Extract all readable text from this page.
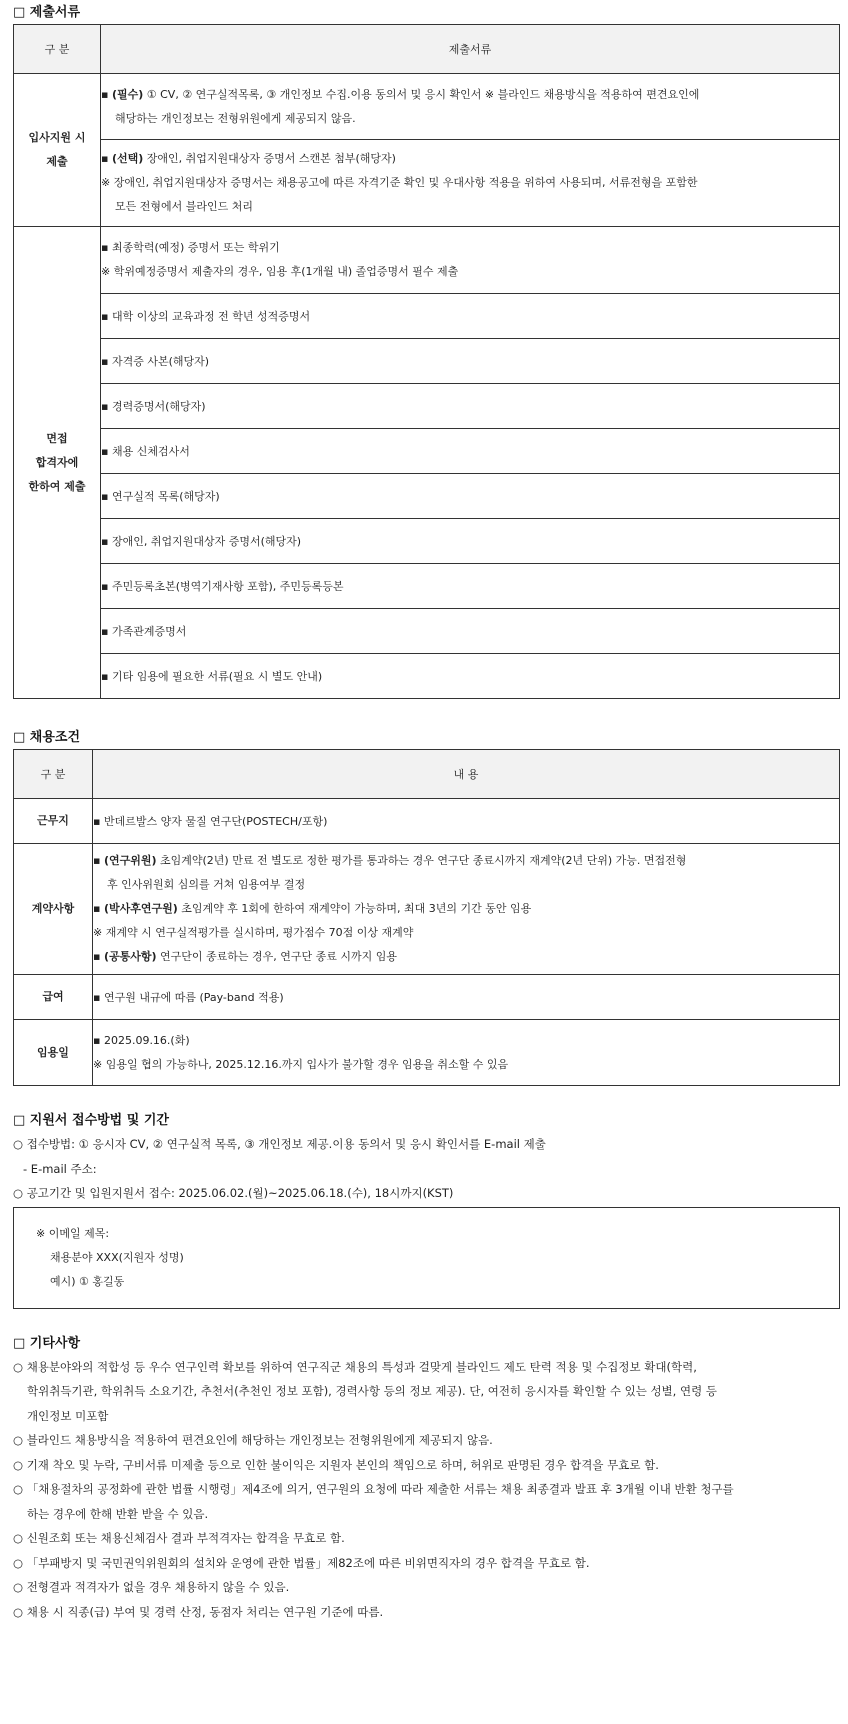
□ 제출서류
구 분	제출서류

입사지원 시
제출	▪ (필수) ① CV, ② 연구실적목록, ③ 개인정보 수집.이용 동의서 및 응시 확인서 ※ 블라인드 채용방식을 적용하여 편견요인에
해당하는 개인정보는 전형위원에게 제공되지 않음.

	▪ (선택) 장애인, 취업지원대상자 증명서 스캔본 첨부(해당자)
※ 장애인, 취업지원대상자 증명서는 채용공고에 따른 자격기준 확인 및 우대사항 적용을 위하여 사용되며, 서류전형을 포함한
모든 전형에서 블라인드 처리

면접
합격자에
한하여 제출	▪ 최종학력(예정) 증명서 또는 학위기
※ 학위예정증명서 제출자의 경우, 임용 후(1개월 내) 졸업증명서 필수 제출

	▪ 대학 이상의 교육과정 전 학년 성적증명서
	▪ 자격증 사본(해당자)
	▪ 경력증명서(해당자)
	▪ 채용 신체검사서
	▪ 연구실적 목록(해당자)
	▪ 장애인, 취업지원대상자 증명서(해당자)
	▪ 주민등록초본(병역기재사항 포함), 주민등록등본
	▪ 가족관계증명서
	▪ 기타 임용에 필요한 서류(필요 시 별도 안내)
□ 채용조건
구 분	내 용
근무지	▪ 반데르발스 양자 물질 연구단(POSTECH/포항)
계약사항	▪ (연구위원) 초임계약(2년) 만료 전 별도로 정한 평가를 통과하는 경우 연구단 종료시까지 재계약(2년 단위) 가능. 면접전형
후 인사위원회 심의를 거쳐 임용여부 결정
▪ (박사후연구원) 초임계약 후 1회에 한하여 재계약이 가능하며, 최대 3년의 기간 동안 임용
※ 재계약 시 연구실적평가를 실시하며, 평가점수 70점 이상 재계약
▪ (공통사항) 연구단이 종료하는 경우, 연구단 종료 시까지 임용

급여	▪ 연구원 내규에 따름 (Pay-band 적용)
임용일	▪ 2025.09.16.(화)
※ 임용일 협의 가능하나, 2025.12.16.까지 입사가 불가할 경우 임용을 취소할 수 있음
□ 지원서 접수방법 및 기간
○ 접수방법: ① 응시자 CV, ② 연구실적 목록, ③ 개인정보 제공.이용 동의서 및 응시 확인서를 E-mail 제출
- E-mail 주소:
○ 공고기간 및 입원지원서 접수: 2025.06.02.(월)~2025.06.18.(수), 18시까지(KST)
※ 이메일 제목:
채용분야 XXX(지원자 성명)
예시) ① 홍길동
□ 기타사항
○ 채용분야와의 적합성 등 우수 연구인력 확보를 위하여 연구직군 채용의 특성과 걸맞게 블라인드 제도 탄력 적용 및 수집정보 확대(학력,
학위취득기관, 학위취득 소요기간, 추천서(추천인 정보 포함), 경력사항 등의 정보 제공). 단, 여전히 응시자를 확인할 수 있는 성별, 연령 등
개인정보 미포함
○ 블라인드 채용방식을 적용하여 편견요인에 해당하는 개인정보는 전형위원에게 제공되지 않음.
○ 기재 착오 및 누락, 구비서류 미제출 등으로 인한 불이익은 지원자 본인의 책임으로 하며, 허위로 판명된 경우 합격을 무효로 함.
○ 「채용절차의 공정화에 관한 법률 시행령」제4조에 의거, 연구원의 요청에 따라 제출한 서류는 채용 최종결과 발표 후 3개월 이내 반환 청구를
하는 경우에 한해 반환 받을 수 있음.
○ 신원조회 또는 채용신체검사 결과 부적격자는 합격을 무효로 함.
○ 「부패방지 및 국민권익위원회의 설치와 운영에 관한 법률」제82조에 따른 비위면직자의 경우 합격을 무효로 함.
○ 전형결과 적격자가 없을 경우 채용하지 않을 수 있음.
○ 채용 시 직종(급) 부여 및 경력 산정, 동점자 처리는 연구원 기준에 따름.
